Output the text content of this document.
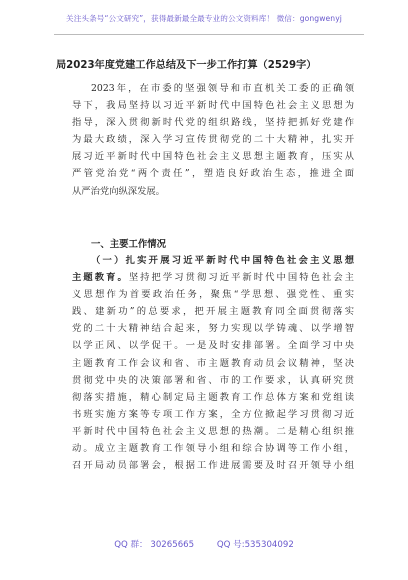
关注头条号“公文研究”，获得最新最全最专业的公文资料库！ 微信：gongwenyj
局2023年度党建工作总结及下一步工作打算（2529字）
2023年，在市委的坚强领导和市直机关工委的正确领
导下，我局坚持以习近平新时代中国特色社会主义思想为
指导，深入贯彻新时代党的组织路线，坚持把抓好党建作
为最大政绩，深入学习宣传贯彻党的二十大精神，扎实开
展习近平新时代中国特色社会主义思想主题教育，压实从
严管党治党“两个责任”，塑造良好政治生态，推进全面
从严治党向纵深发展。
一、主要工作情况
（一）扎实开展习近平新时代中国特色社会主义思想
主题教育。坚持把学习贯彻习近平新时代中国特色社会主
义思想作为首要政治任务，聚焦“学思想、强党性、重实
践、建新功”的总要求，把开展主题教育同全面贯彻落实
党的二十大精神结合起来，努力实现以学铸魂、以学增智
以学正风、以学促干。一是及时安排部署。全面学习中央
主题教育工作会议和省、市主题教育动员会议精神，坚决
贯彻党中央的决策部署和省、市的工作要求，认真研究贯
彻落实措施，精心制定局主题教育工作总体方案和党组读
书班实施方案等专项工作方案，全方位掀起学习贯彻习近
平新时代中国特色社会主义思想的热潮。二是精心组织推
动。成立主题教育工作领导小组和综合协调等工作小组，
召开局动员部署会，根据工作进展需要及时召开领导小组
QQ 群： 30265665	QQ 号:535304092
